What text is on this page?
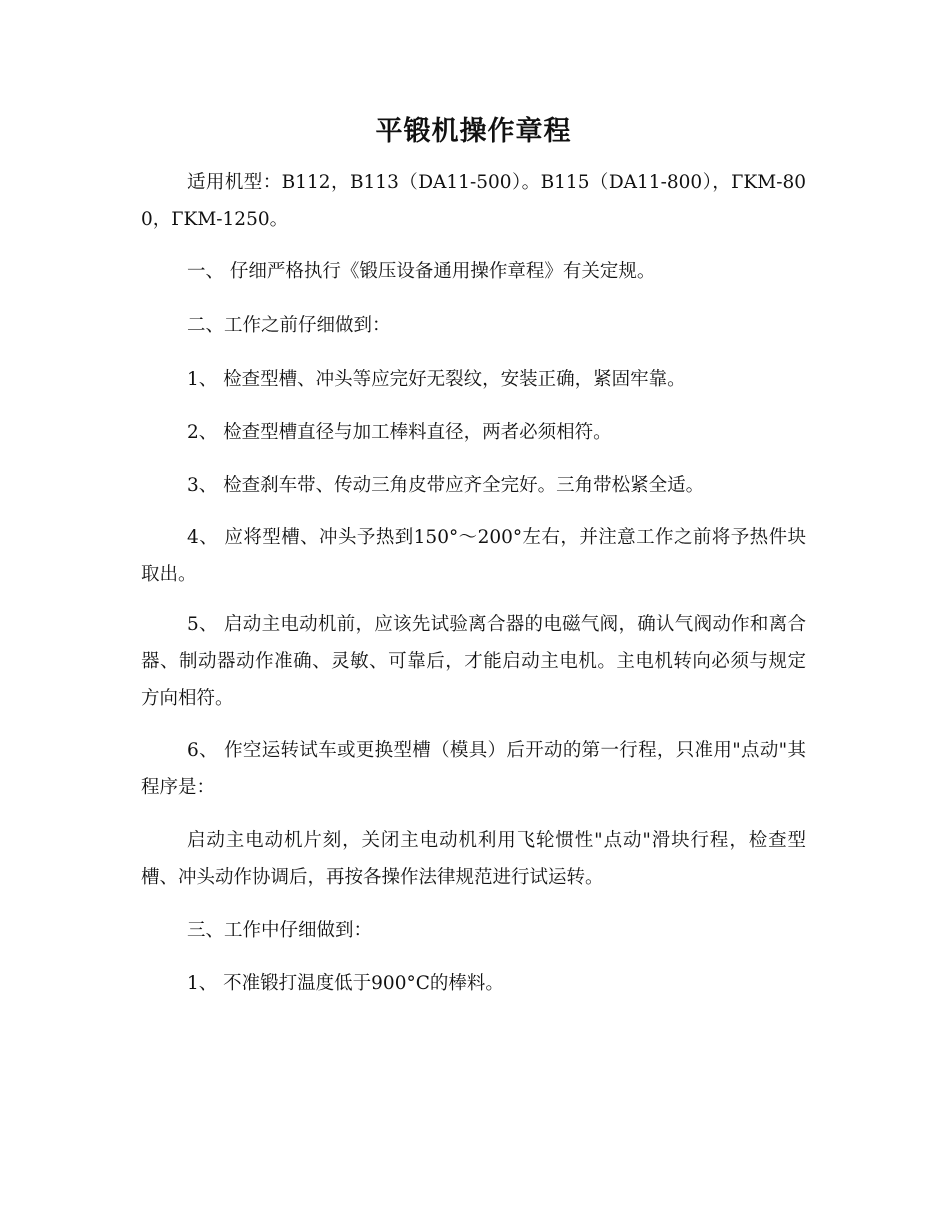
平锻机操作章程

适用机型：B112，B113（DA11-500）。B115（DA11-800），ГKM-800，ГKM-1250。

一、 仔细严格执行《锻压设备通用操作章程》有关定规。

二、工作之前仔细做到：

1、 检查型槽、冲头等应完好无裂纹，安装正确，紧固牢靠。

2、 检查型槽直径与加工棒料直径，两者必须相符。

3、 检查刹车带、传动三角皮带应齐全完好。三角带松紧全适。

4、 应将型槽、冲头予热到150°～200°左右，并注意工作之前将予热件块取出。

5、 启动主电动机前，应该先试验离合器的电磁气阀，确认气阀动作和离合器、制动器动作准确、灵敏、可靠后，才能启动主电机。主电机转向必须与规定方向相符。

6、 作空运转试车或更换型槽（模具）后开动的第一行程，只准用"点动"其程序是：

启动主电动机片刻，关闭主电动机利用飞轮惯性"点动"滑块行程，检查型槽、冲头动作协调后，再按各操作法律规范进行试运转。

三、工作中仔细做到：

1、 不准锻打温度低于900°C的棒料。
